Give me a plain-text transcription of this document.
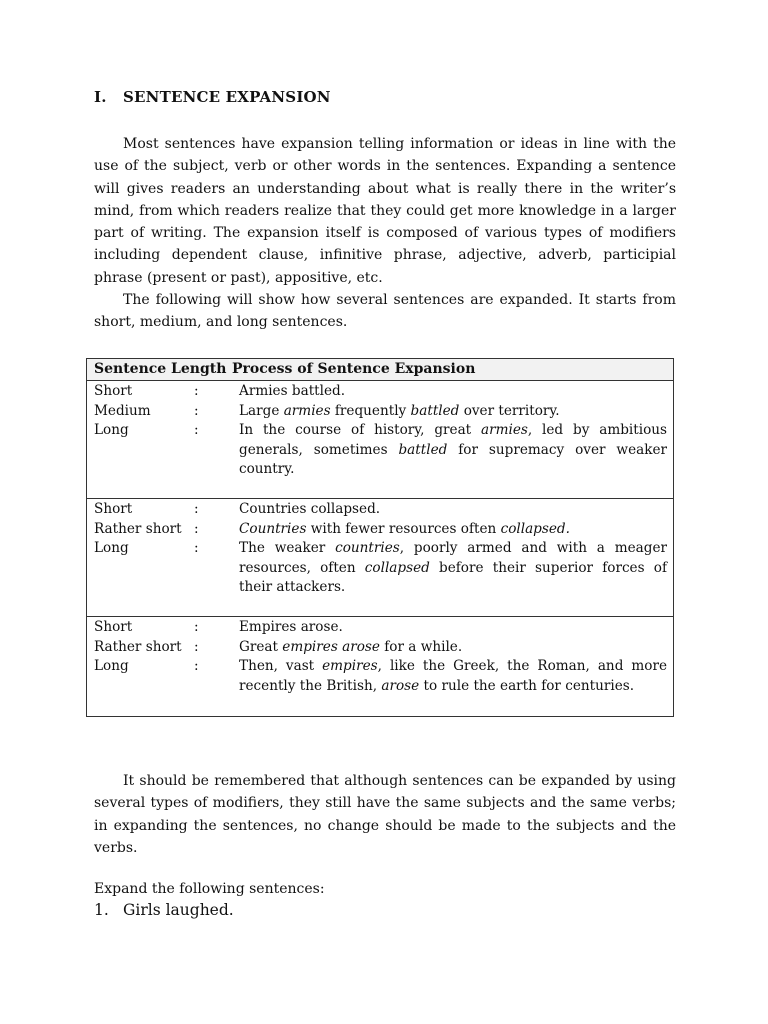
I. SENTENCE EXPANSION

Most sentences have expansion telling information or ideas in line with the use of the subject, verb or other words in the sentences. Expanding a sentence will gives readers an understanding about what is really there in the writer’s mind, from which readers realize that they could get more knowledge in a larger part of writing. The expansion itself is composed of various types of modifiers including dependent clause, infinitive phrase, adjective, adverb, participial phrase (present or past), appositive, etc.

The following will show how several sentences are expanded. It starts from short, medium, and long sentences.

Sentence Length Process of Sentence Expansion

Short	:	Armies battled.
Medium	:	Large armies frequently battled over territory.
Long	:	In the course of history, great armies, led by ambitious generals, sometimes battled for supremacy over weaker country.

Short	:	Countries collapsed.
Rather short :	Countries with fewer resources often collapsed.
Long	:	The weaker countries, poorly armed and with a meager resources, often collapsed before their superior forces of their attackers.

Short	:	Empires arose.
Rather short :	Great empires arose for a while.
Long	:	Then, vast empires, like the Greek, the Roman, and more recently the British, arose to rule the earth for centuries.

It should be remembered that although sentences can be expanded by using several types of modifiers, they still have the same subjects and the same verbs; in expanding the sentences, no change should be made to the subjects and the verbs.

Expand the following sentences:
1. Girls laughed.
